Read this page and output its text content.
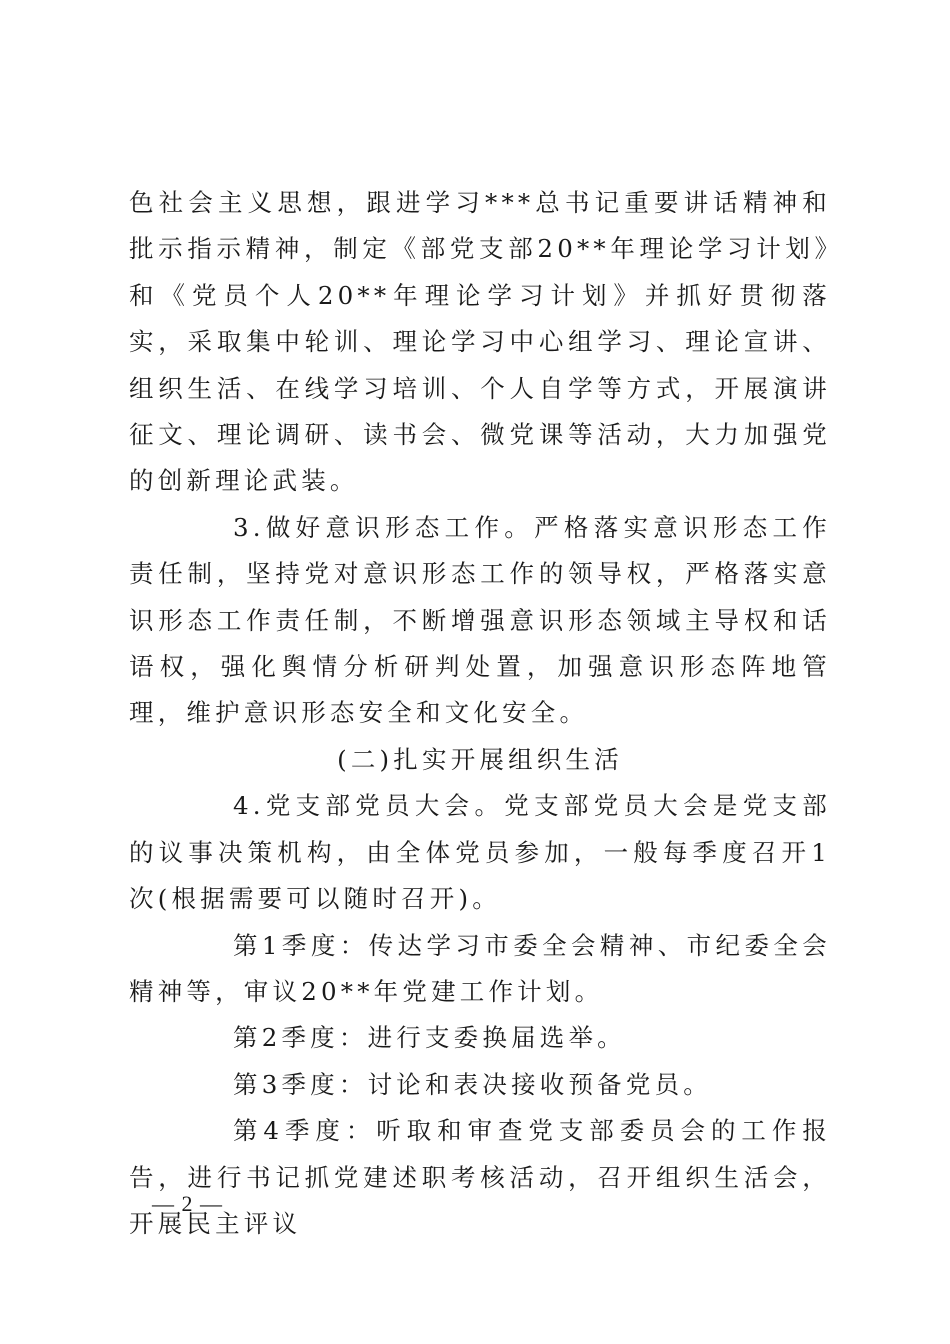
色社会主义思想，跟进学习***总书记重要讲话精神和批示指示精神，制定《部党支部20**年理论学习计划》和《党员个人20**年理论学习计划》并抓好贯彻落实，采取集中轮训、理论学习中心组学习、理论宣讲、组织生活、在线学习培训、个人自学等方式，开展演讲征文、理论调研、读书会、微党课等活动，大力加强党的创新理论武装。

3.做好意识形态工作。严格落实意识形态工作责任制，坚持党对意识形态工作的领导权，严格落实意识形态工作责任制，不断增强意识形态领域主导权和话语权，强化舆情分析研判处置，加强意识形态阵地管理，维护意识形态安全和文化安全。

(二)扎实开展组织生活

4.党支部党员大会。党支部党员大会是党支部的议事决策机构，由全体党员参加，一般每季度召开1次(根据需要可以随时召开)。

第1季度：传达学习市委全会精神、市纪委全会精神等，审议20**年党建工作计划。

第2季度：进行支委换届选举。

第3季度：讨论和表决接收预备党员。

第4季度：听取和审查党支部委员会的工作报告，进行书记抓党建述职考核活动，召开组织生活会，开展民主评议

— 2 —
